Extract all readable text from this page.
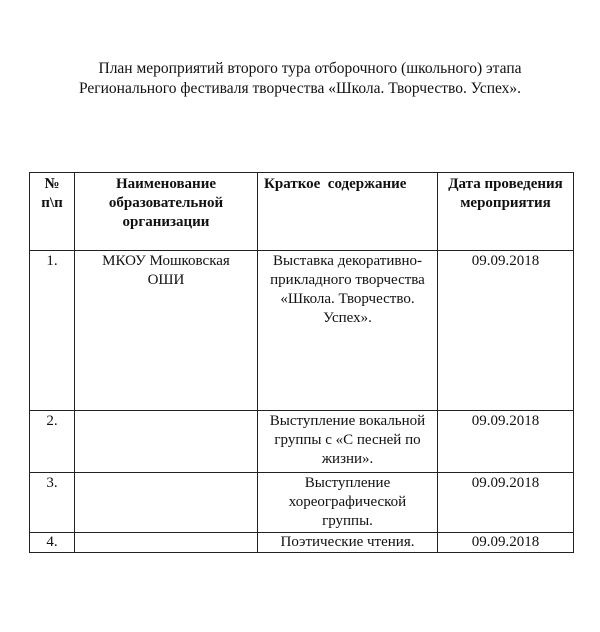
План мероприятий второго тура отборочного (школьного) этапа
Регионального фестиваля творчества «Школа. Творчество. Успех».
№ п\п	Наименование образовательной организации	Краткое  содержание	Дата проведения мероприятия
1.	МКОУ Мошковская ОШИ	Выставка декоративно-прикладного творчества «Школа. Творчество. Успех».	09.09.2018
2.		Выступление вокальной группы с «С песней по жизни».	09.09.2018
3.		Выступление хореографической группы.	09.09.2018
4.		Поэтические чтения.	09.09.2018
